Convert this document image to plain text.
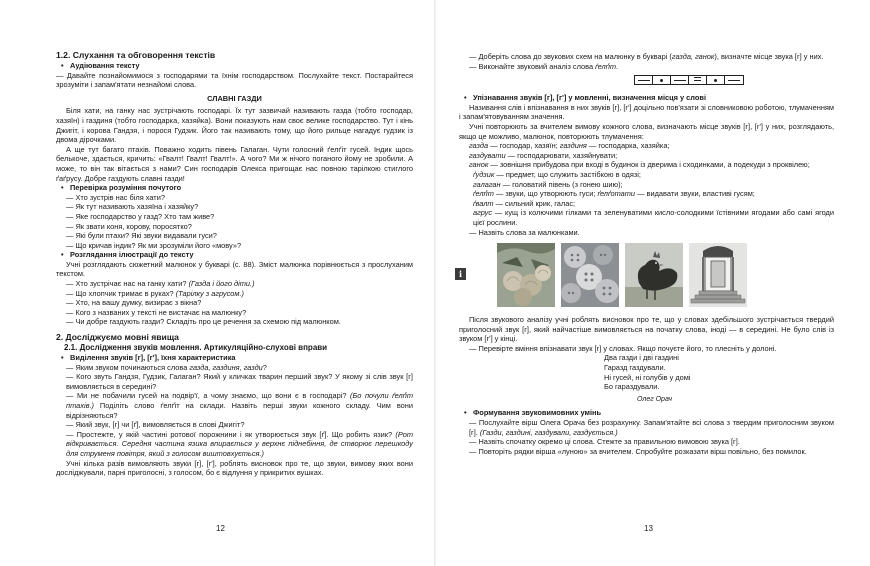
1.2. Слухання та обговорення текстів
• Аудіювання тексту
— Давайте познайомимося з господарями та їхнім господарством. Послухайте текст. Постарайтеся зрозуміти і запам'ятати незнайомі слова.
СЛАВНІ ГАЗДИ
Біля хати, на ганку нас зустрічають господарі. Їх тут зазвичай називають газда (тобто господар, хазяїн) і газдиня (тобто господарка, хазяйка). Вони показують нам своє велике господарство. Тут і кінь Джигіт, і корова Гандзя, і порося Гудзик. Його так називають тому, що його рильце нагадує гудзик із двома дірочками.
А ще тут багато птахів. Поважно ходить півень Галаган. Чути голосний ґелґіт гусей. Індик щось белькоче, здається, кричить: «Гвалт! Гвалт! Гвалт!». А чого? Ми ж нічого поганого йому не зробили. А може, то він так вітається з нами? Син господарів Олекса пригощає нас повною тарілкою стиглого ґаґрусу. Добре газдують славні газди!
• Перевірка розуміння почутого
— Хто зустрів нас біля хати?
— Як тут називають хазяїна і хазяйку?
— Яке господарство у газд? Хто там живе?
— Як звати коня, корову, поросятко?
— Які були птахи? Які звуки видавали гуси?
— Що кричав індик? Як ми зрозуміли його «мову»?
• Розглядання ілюстрації до тексту
Учні розглядають сюжетний малюнок у букварі (с. 88). Зміст малюнка порівнюється з прослуханим текстом.
— Хто зустрічає нас на ганку хати? (Газда і його діти.)
— Що хлопчик тримає в руках? (Тарілку з агрусом.)
— Хто, на вашу думку, визирає з вікна?
— Кого з названих у тексті не вистачає на малюнку?
— Чи добре газдують газди? Складіть про це речення за схемою під малюнком.
2. Досліджуємо мовні явища
2.1. Дослідження звуків мовлення. Артикуляційно-слухові вправи
• Виділення звуків [г], [г'], їхня характеристика
— Яким звуком починаються слова газда, газдиня, газди?
— Кого звуть Гандзя, Гудзик, Галаган? Який у кличках тварин перший звук? У якому зі слів звук [г] вимовляється в середині?
— Ми не побачили гусей на подвір'ї, а чому знаємо, що вони є в господарі? (Бо почули ґелґіт птахів.) Поділіть слово ґелґіт на склади. Назвіть перші звуки кожного складу. Чим вони відрізняються?
— Який звук, [г] чи [ґ], вимовляється в слові Джигіт?
— Простежте, у якій частині ротової порожнини і як утворюється звук [ґ]. Що робить язик? (Рот відкривається. Середня частина язика впирається у верхнє піднебіння, де створює перешкоду для струменя повітря, який з голосом виштовхується.)
Учні кілька разів вимовляють звуки [г], [г'], роблять висновок про те, що звуки, вимову яких вони досліджували, парні приголосні, з голосом, бо є відлуння у прикритих вушках.
12
— Доберіть слова до звукових схем на малюнку в букварі (газда, ганок), визначте місце звука [г] у них.
— Виконайте звуковий аналіз слова ґелґіт.
• Упізнавання звуків [г], [г'] у мовленні, визначення місця у слові
Називання слів і впізнавання в них звуків [г], [г'] доцільно пов'язати зі словниковою роботою, тлумаченням і запам'ятовуванням значення.
Учні повторюють за вчителем вимову кожного слова, визначають місце звуків [г], [г'] у них, розглядають, якщо це можливо, малюнок, повторюють тлумачення:
газда — господар, хазяїн; газдиня — господарка, хазяйка;
газдувати — господарювати, хазяйнувати;
ганок — зовнішня прибудова при вході в будинок із дверима і сходинками, а подекуди з проквілею;
ґудзик — предмет, що служить застібкою в одязі;
галаган — головатий півень (з гонею шию);
ґелґіт — звуки, що утворюють гуси; ґелґотати — видавати звуки, властиві гусям;
ґвалт — сильний крик, галас;
агрус — кущ із колючими гілками та зеленуватими кисло-солодкими їстівними ягодами або самі ягоди цієї рослини.
— Назвіть слова за малюнками.
Після звукового аналізу учні роблять висновок про те, що у словах здебільшого зустрічається твердий приголосний звук [г], який найчастіше вимовляється на початку слова, іноді — в середині. Не було слів із звуком [г'] у кінці.
— Перевірте вміння впізнавати звук [г] у словах. Якщо почуєте його, то плесніть у долоні.
Два газди і дві газдині
Гаразд газдували.
Ні гусей, ні голубів у домі
Бо гараздували.
Олег Орач
• Формування звуковимовних умінь
— Послухайте вірш Олега Орача без розрахунку. Запам'ятайте всі слова з твердим приголосним звуком [г]. (Газди, газдині, газдували, газдується.)
— Назвіть спочатку окремо ці слова. Стежте за правильною вимовою звука [г].
— Повторіть рядки вірша «луною» за вчителем. Спробуйте розказати вірш повільно, без помилок.
i
13
